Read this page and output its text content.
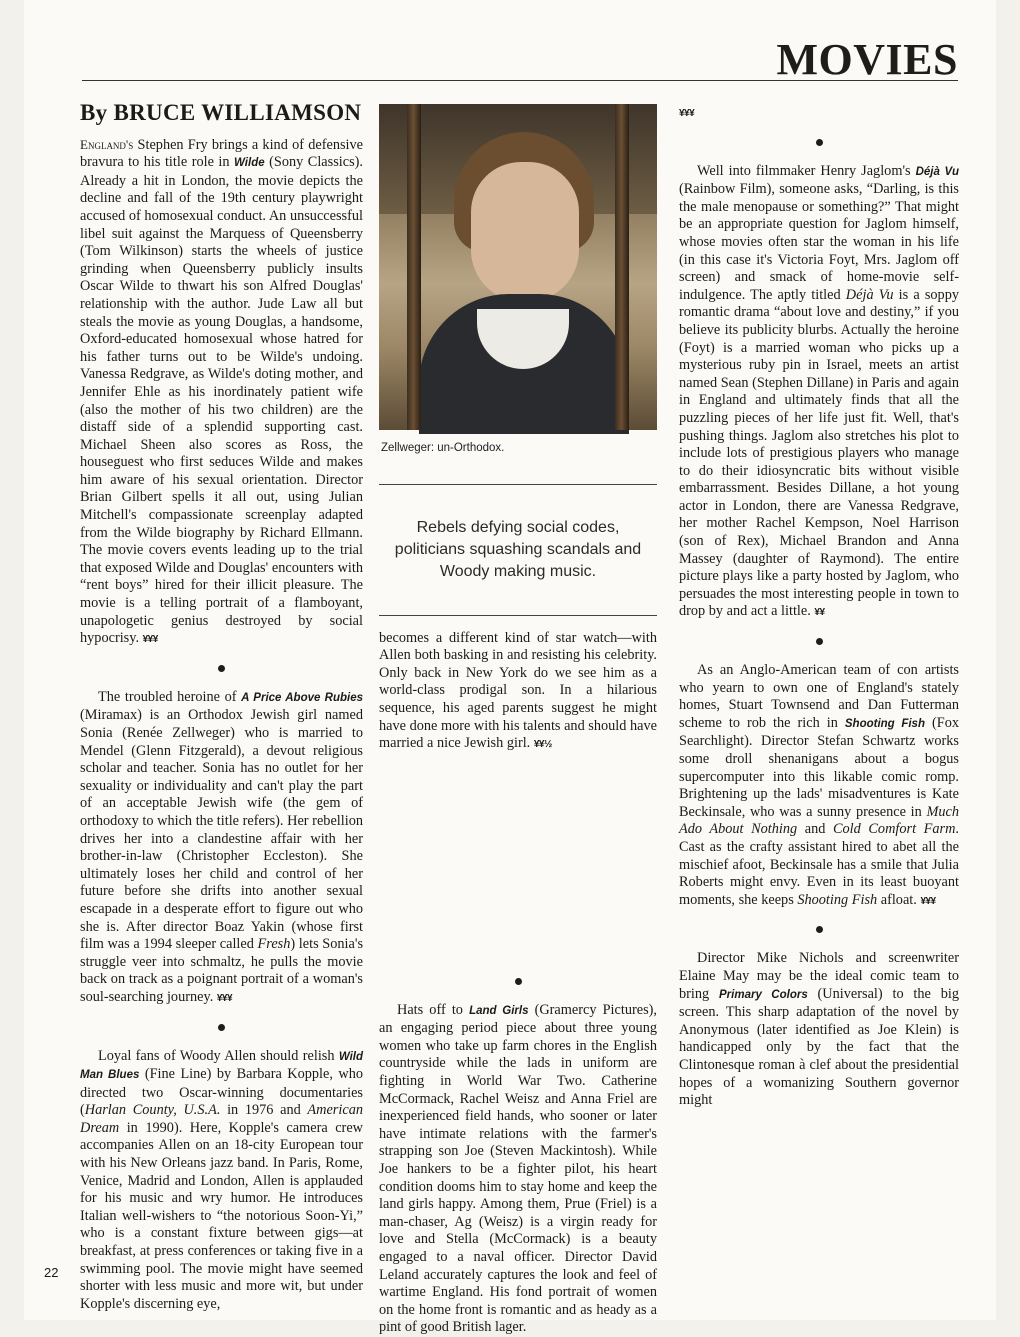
MOVIES
By BRUCE WILLIAMSON

England's Stephen Fry brings a kind of defensive bravura to his title role in Wilde (Sony Classics). Already a hit in London, the movie depicts the decline and fall of the 19th century playwright accused of homosexual conduct. An unsuccessful libel suit against the Marquess of Queensberry (Tom Wilkinson) starts the wheels of justice grinding when Queensberry publicly insults Oscar Wilde to thwart his son Alfred Douglas' relationship with the author. Jude Law all but steals the movie as young Douglas, a handsome, Oxford-educated homosexual whose hatred for his father turns out to be Wilde's undoing. Vanessa Redgrave, as Wilde's doting mother, and Jennifer Ehle as his inordinately patient wife (also the mother of his two children) are the distaff side of a splendid supporting cast. Michael Sheen also scores as Ross, the houseguest who first seduces Wilde and makes him aware of his sexual orientation. Director Brian Gilbert spells it all out, using Julian Mitchell's compassionate screenplay adapted from the Wilde biography by Richard Ellmann. The movie covers events leading up to the trial that exposed Wilde and Douglas' encounters with “rent boys” hired for their illicit pleasure. The movie is a telling portrait of a flamboyant, unapologetic genius destroyed by social hypocrisy. ¥¥¥

The troubled heroine of A Price Above Rubies (Miramax) is an Orthodox Jewish girl named Sonia (Renée Zellweger) who is married to Mendel (Glenn Fitzgerald), a devout religious scholar and teacher. Sonia has no outlet for her sexuality or individuality and can't play the part of an acceptable Jewish wife (the gem of orthodoxy to which the title refers). Her rebellion drives her into a clandestine affair with her brother-in-law (Christopher Eccleston). She ultimately loses her child and control of her future before she drifts into another sexual escapade in a desperate effort to figure out who she is. After director Boaz Yakin (whose first film was a 1994 sleeper called Fresh) lets Sonia's struggle veer into schmaltz, he pulls the movie back on track as a poignant portrait of a woman's soul-searching journey. ¥¥¥

Loyal fans of Woody Allen should relish Wild Man Blues (Fine Line) by Barbara Kopple, who directed two Oscar-winning documentaries (Harlan County, U.S.A. in 1976 and American Dream in 1990). Here, Kopple's camera crew accompanies Allen on an 18-city European tour with his New Orleans jazz band. In Paris, Rome, Venice, Madrid and London, Allen is applauded for his music and wry humor. He introduces Italian well-wishers to “the notorious Soon-Yi,” who is a constant fixture between gigs—at breakfast, at press conferences or taking five in a swimming pool. The movie might have seemed shorter with less music and more wit, but under Kopple's discerning eye,

Zellweger: un-Orthodox.
Rebels defying social codes, politicians squashing scandals and Woody making music.

becomes a different kind of star watch—with Allen both basking in and resisting his celebrity. Only back in New York do we see him as a world-class prodigal son. In a hilarious sequence, his aged parents suggest he might have done more with his talents and should have married a nice Jewish girl. ¥¥½

Hats off to Land Girls (Gramercy Pictures), an engaging period piece about three young women who take up farm chores in the English countryside while the lads in uniform are fighting in World War Two. Catherine McCormack, Rachel Weisz and Anna Friel are inexperienced field hands, who sooner or later have intimate relations with the farmer's strapping son Joe (Steven Mackintosh). While Joe hankers to be a fighter pilot, his heart condition dooms him to stay home and keep the land girls happy. Among them, Prue (Friel) is a man-chaser, Ag (Weisz) is a virgin ready for love and Stella (McCormack) is a beauty engaged to a naval officer. Director David Leland accurately captures the look and feel of wartime England. His fond portrait of women on the home front is romantic and as heady as a pint of good British lager.

¥¥¥

Well into filmmaker Henry Jaglom's Déjà Vu (Rainbow Film), someone asks, “Darling, is this the male menopause or something?” That might be an appropriate question for Jaglom himself, whose movies often star the woman in his life (in this case it's Victoria Foyt, Mrs. Jaglom off screen) and smack of home-movie self-indulgence. The aptly titled Déjà Vu is a soppy romantic drama “about love and destiny,” if you believe its publicity blurbs. Actually the heroine (Foyt) is a married woman who picks up a mysterious ruby pin in Israel, meets an artist named Sean (Stephen Dillane) in Paris and again in England and ultimately finds that all the puzzling pieces of her life just fit. Well, that's pushing things. Jaglom also stretches his plot to include lots of prestigious players who manage to do their idiosyncratic bits without visible embarrassment. Besides Dillane, a hot young actor in London, there are Vanessa Redgrave, her mother Rachel Kempson, Noel Harrison (son of Rex), Michael Brandon and Anna Massey (daughter of Raymond). The entire picture plays like a party hosted by Jaglom, who persuades the most interesting people in town to drop by and act a little. ¥¥

As an Anglo-American team of con artists who yearn to own one of England's stately homes, Stuart Townsend and Dan Futterman scheme to rob the rich in Shooting Fish (Fox Searchlight). Director Stefan Schwartz works some droll shenanigans about a bogus supercomputer into this likable comic romp. Brightening up the lads' misadventures is Kate Beckinsale, who was a sunny presence in Much Ado About Nothing and Cold Comfort Farm. Cast as the crafty assistant hired to abet all the mischief afoot, Beckinsale has a smile that Julia Roberts might envy. Even in its least buoyant moments, she keeps Shooting Fish afloat. ¥¥¥

Director Mike Nichols and screenwriter Elaine May may be the ideal comic team to bring Primary Colors (Universal) to the big screen. This sharp adaptation of the novel by Anonymous (later identified as Joe Klein) is handicapped only by the fact that the Clintonesque roman à clef about the presidential hopes of a womanizing Southern governor might

22
